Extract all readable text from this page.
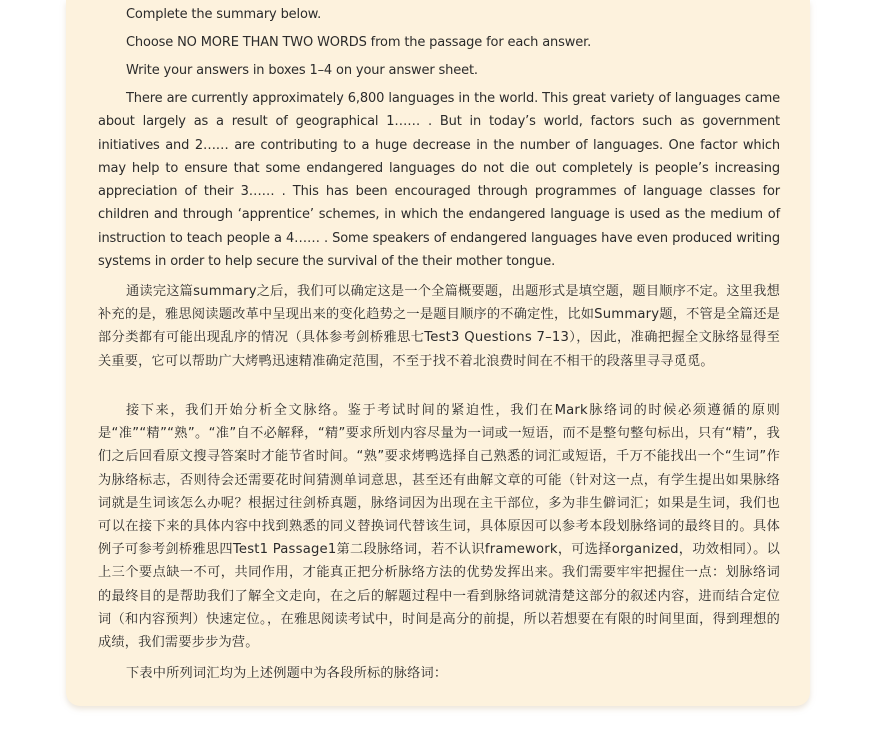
Complete the summary below.

Choose NO MORE THAN TWO WORDS from the passage for each answer.

Write your answers in boxes 1–4 on your answer sheet.

There are currently approximately 6,800 languages in the world. This great variety of languages came about largely as a result of geographical 1…… . But in today’s world, factors such as government initiatives and 2…… are contributing to a huge decrease in the number of languages. One factor which may help to ensure that some endangered languages do not die out completely is people’s increasing appreciation of their 3…… . This has been encouraged through programmes of language classes for children and through ‘apprentice’ schemes, in which the endangered language is used as the medium of instruction to teach people a 4…… . Some speakers of endangered languages have even produced writing systems in order to help secure the survival of the their mother tongue.

通读完这篇summary之后，我们可以确定这是一个全篇概要题，出题形式是填空题，题目顺序不定。这里我想补充的是，雅思阅读题改革中呈现出来的变化趋势之一是题目顺序的不确定性，比如Summary题，不管是全篇还是部分类都有可能出现乱序的情况（具体参考剑桥雅思七Test3 Questions 7–13），因此，准确把握全文脉络显得至关重要，它可以帮助广大烤鸭迅速精准确定范围，不至于找不着北浪费时间在不相干的段落里寻寻觅觅。

接下来，我们开始分析全文脉络。鉴于考试时间的紧迫性，我们在Mark脉络词的时候必须遵循的原则是“准”“精”“熟”。“准”自不必解释，“精”要求所划内容尽量为一词或一短语，而不是整句整句标出，只有“精”，我们之后回看原文搜寻答案时才能节省时间。“熟”要求烤鸭选择自己熟悉的词汇或短语，千万不能找出一个“生词”作为脉络标志，否则待会还需要花时间猜测单词意思，甚至还有曲解文章的可能（针对这一点，有学生提出如果脉络词就是生词该怎么办呢？根据过往剑桥真题，脉络词因为出现在主干部位，多为非生僻词汇；如果是生词，我们也可以在接下来的具体内容中找到熟悉的同义替换词代替该生词，具体原因可以参考本段划脉络词的最终目的。具体例子可参考剑桥雅思四Test1 Passage1第二段脉络词，若不认识framework，可选择organized，功效相同）。以上三个要点缺一不可，共同作用，才能真正把分析脉络方法的优势发挥出来。我们需要牢牢把握住一点：划脉络词的最终目的是帮助我们了解全文走向，在之后的解题过程中一看到脉络词就清楚这部分的叙述内容，进而结合定位词（和内容预判）快速定位。，在雅思阅读考试中，时间是高分的前提，所以若想要在有限的时间里面，得到理想的成绩，我们需要步步为营。

下表中所列词汇均为上述例题中为各段所标的脉络词：
